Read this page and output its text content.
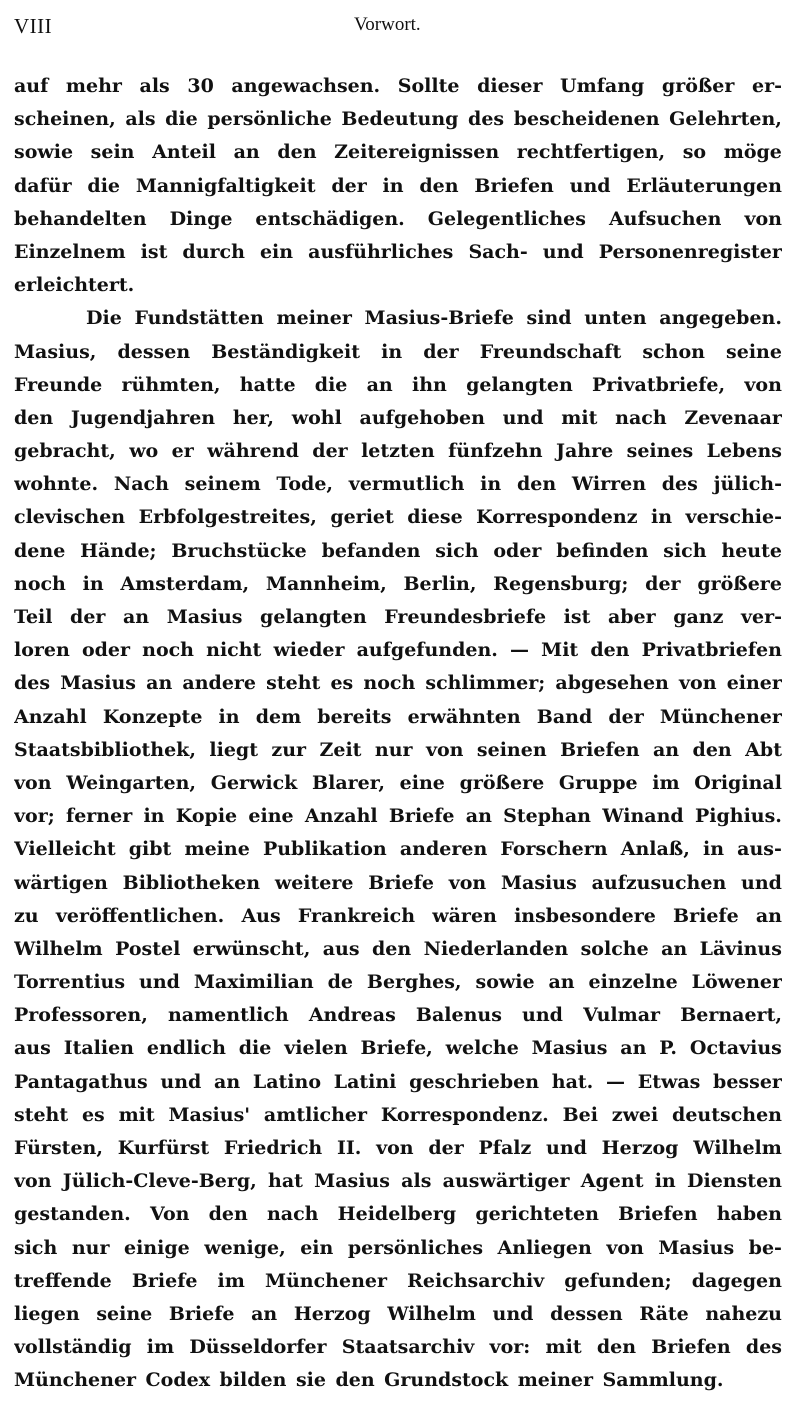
VIII	Vorwort.
auf mehr als 30 angewachsen. Sollte dieser Umfang größer er-
scheinen, als die persönliche Bedeutung des bescheidenen Gelehrten,
sowie sein Anteil an den Zeitereignissen rechtfertigen, so möge
dafür die Mannigfaltigkeit der in den Briefen und Erläuterungen
behandelten Dinge entschädigen. Gelegentliches Aufsuchen von
Einzelnem ist durch ein ausführliches Sach- und Personenregister
erleichtert.
Die Fundstätten meiner Masius-Briefe sind unten angegeben.
Masius, dessen Beständigkeit in der Freundschaft schon seine
Freunde rühmten, hatte die an ihn gelangten Privatbriefe, von
den Jugendjahren her, wohl aufgehoben und mit nach Zevenaar
gebracht, wo er während der letzten fünfzehn Jahre seines Lebens
wohnte. Nach seinem Tode, vermutlich in den Wirren des jülich-
clevischen Erbfolgestreites, geriet diese Korrespondenz in verschie-
dene Hände; Bruchstücke befanden sich oder befinden sich heute
noch in Amsterdam, Mannheim, Berlin, Regensburg; der größere
Teil der an Masius gelangten Freundesbriefe ist aber ganz ver-
loren oder noch nicht wieder aufgefunden. — Mit den Privatbriefen
des Masius an andere steht es noch schlimmer; abgesehen von einer
Anzahl Konzepte in dem bereits erwähnten Band der Münchener
Staatsbibliothek, liegt zur Zeit nur von seinen Briefen an den Abt
von Weingarten, Gerwick Blarer, eine größere Gruppe im Original
vor; ferner in Kopie eine Anzahl Briefe an Stephan Winand Pighius.
Vielleicht gibt meine Publikation anderen Forschern Anlaß, in aus-
wärtigen Bibliotheken weitere Briefe von Masius aufzusuchen und
zu veröffentlichen. Aus Frankreich wären insbesondere Briefe an
Wilhelm Postel erwünscht, aus den Niederlanden solche an Lävinus
Torrentius und Maximilian de Berghes, sowie an einzelne Löwener
Professoren, namentlich Andreas Balenus und Vulmar Bernaert,
aus Italien endlich die vielen Briefe, welche Masius an P. Octavius
Pantagathus und an Latino Latini geschrieben hat. — Etwas besser
steht es mit Masius' amtlicher Korrespondenz. Bei zwei deutschen
Fürsten, Kurfürst Friedrich II. von der Pfalz und Herzog Wilhelm
von Jülich-Cleve-Berg, hat Masius als auswärtiger Agent in Diensten
gestanden. Von den nach Heidelberg gerichteten Briefen haben
sich nur einige wenige, ein persönliches Anliegen von Masius be-
treffende Briefe im Münchener Reichsarchiv gefunden; dagegen
liegen seine Briefe an Herzog Wilhelm und dessen Räte nahezu
vollständig im Düsseldorfer Staatsarchiv vor: mit den Briefen des
Münchener Codex bilden sie den Grundstock meiner Sammlung.
